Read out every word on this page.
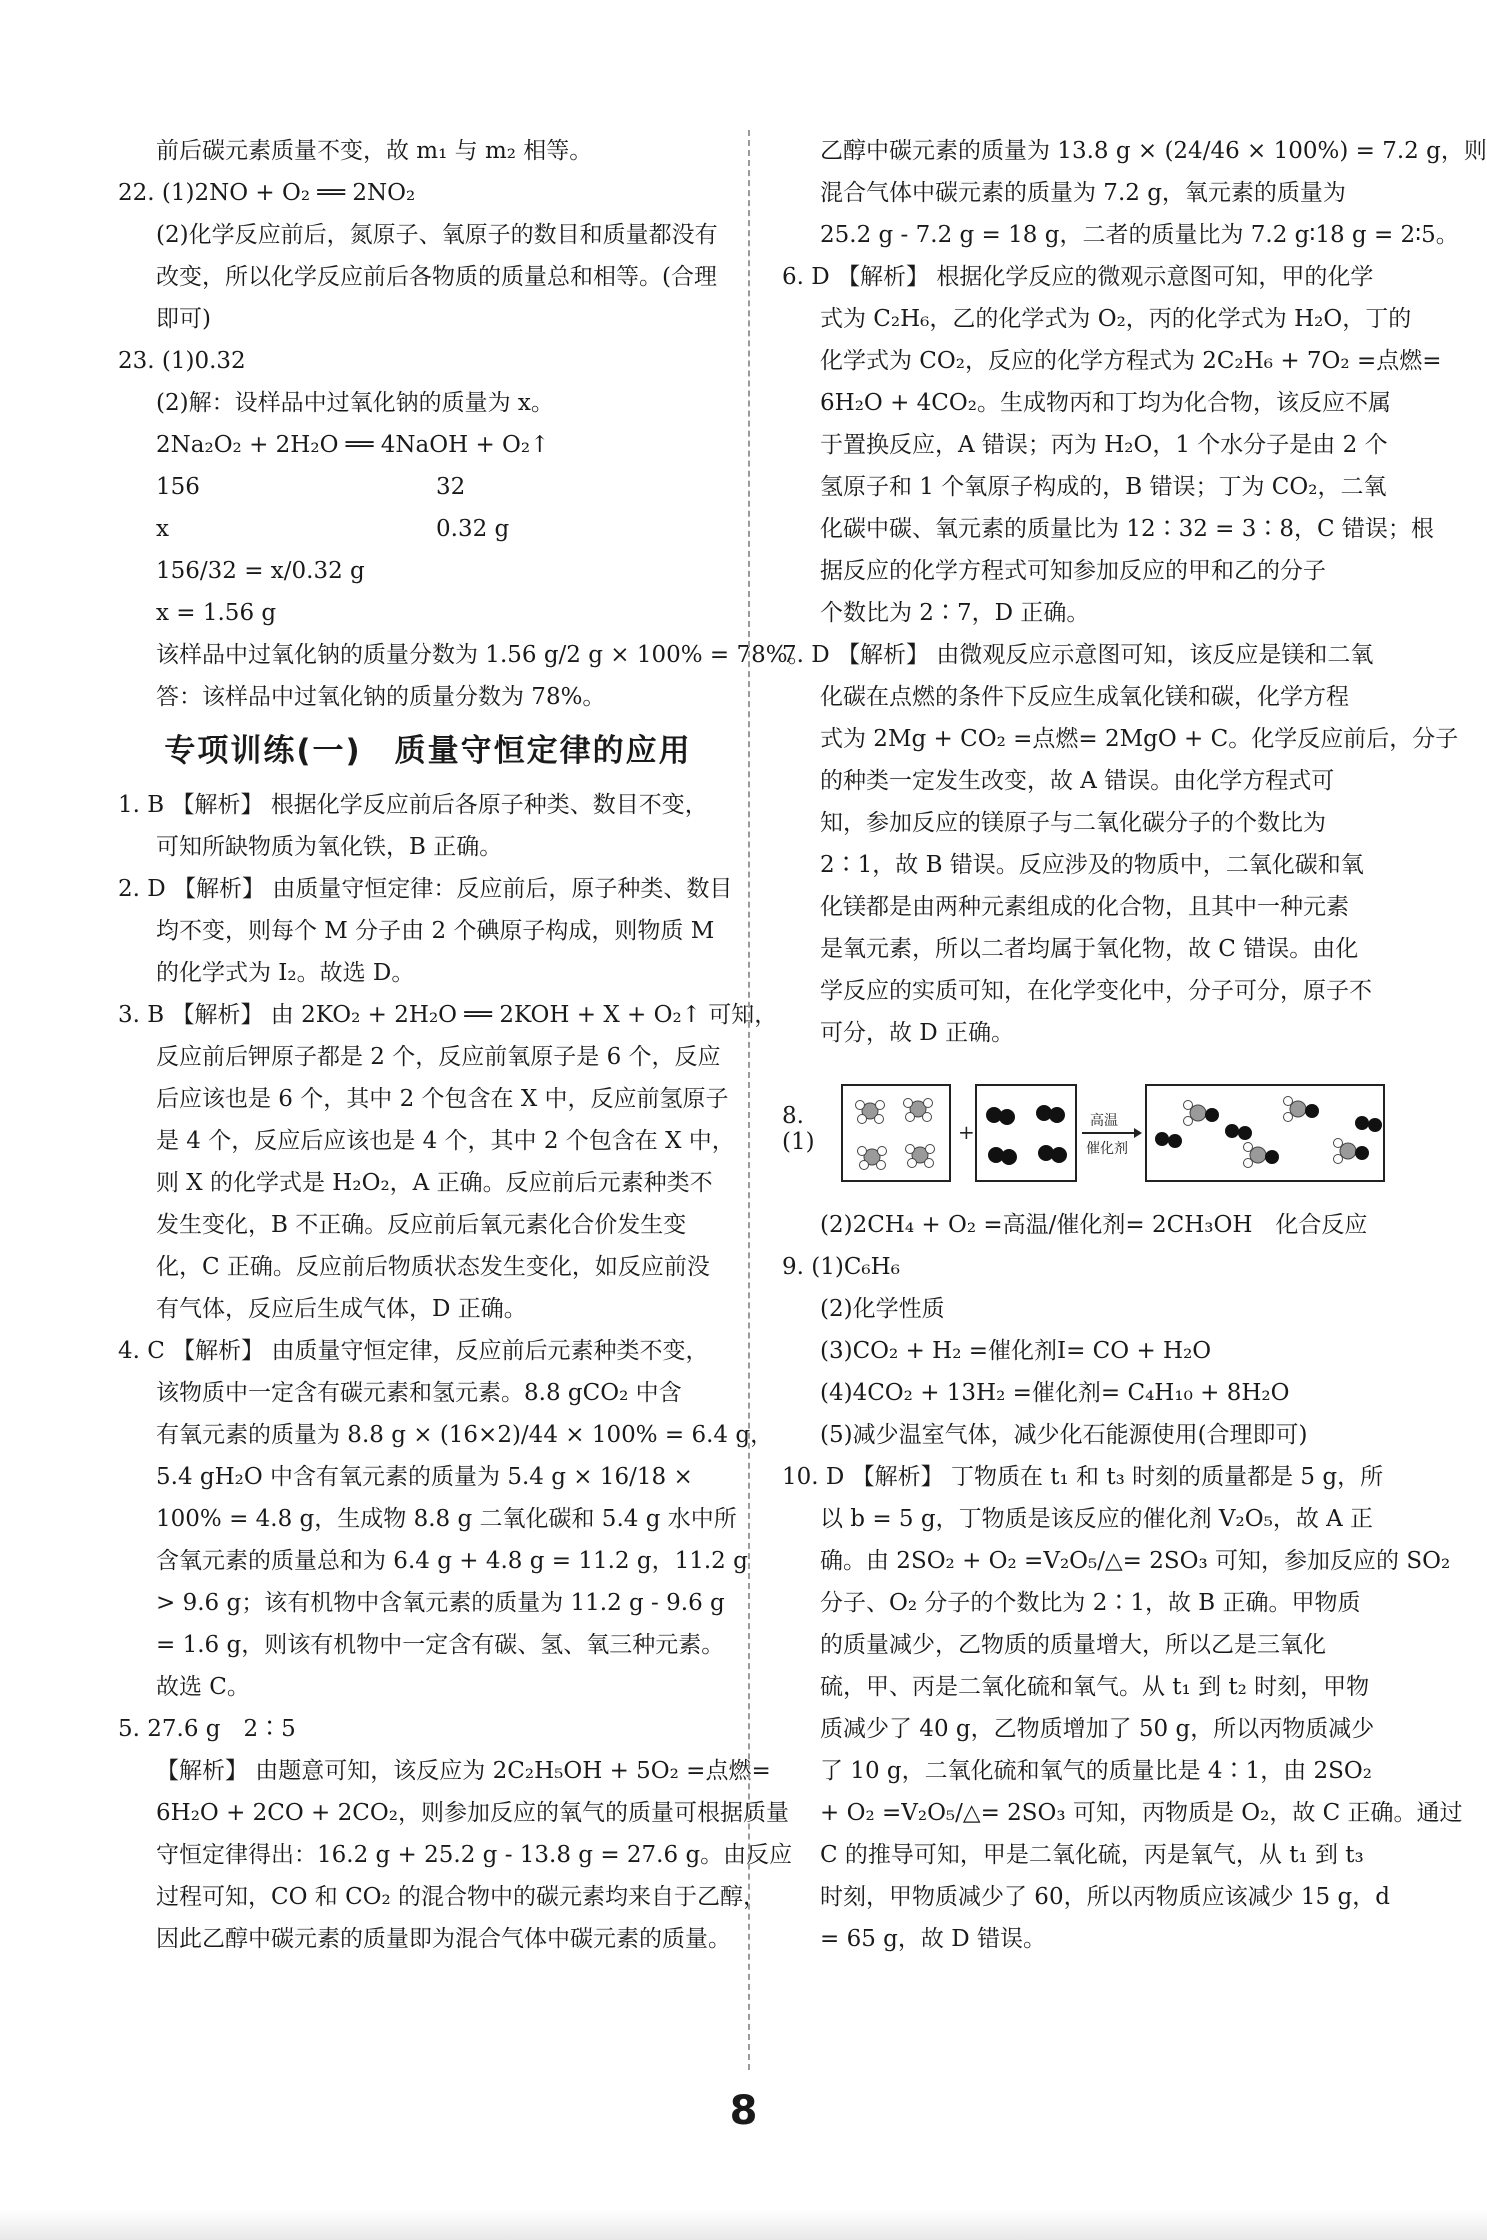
前后碳元素质量不变，故 m₁ 与 m₂ 相等。
22. (1)2NO + O₂ ══ 2NO₂
(2)化学反应前后，氮原子、氧原子的数目和质量都没有
改变，所以化学反应前后各物质的质量总和相等。(合理
即可)
23. (1)0.32
(2)解：设样品中过氧化钠的质量为 x。
2Na₂O₂ + 2H₂O ══ 4NaOH + O₂↑
156	32
x	0.32 g
156/32 = x/0.32 g
x = 1.56 g
该样品中过氧化钠的质量分数为 1.56 g/2 g × 100% = 78%。
答：该样品中过氧化钠的质量分数为 78%。
专项训练(一)　质量守恒定律的应用
1. B 【解析】 根据化学反应前后各原子种类、数目不变，
可知所缺物质为氧化铁，B 正确。
2. D 【解析】 由质量守恒定律：反应前后，原子种类、数目
均不变，则每个 M 分子由 2 个碘原子构成，则物质 M
的化学式为 I₂。故选 D。
3. B 【解析】 由 2KO₂ + 2H₂O ══ 2KOH + X + O₂↑ 可知，
反应前后钾原子都是 2 个，反应前氧原子是 6 个，反应
后应该也是 6 个，其中 2 个包含在 X 中，反应前氢原子
是 4 个，反应后应该也是 4 个，其中 2 个包含在 X 中，
则 X 的化学式是 H₂O₂，A 正确。反应前后元素种类不
发生变化，B 不正确。反应前后氧元素化合价发生变
化，C 正确。反应前后物质状态发生变化，如反应前没
有气体，反应后生成气体，D 正确。
4. C 【解析】 由质量守恒定律，反应前后元素种类不变，
该物质中一定含有碳元素和氢元素。8.8 gCO₂ 中含
有氧元素的质量为 8.8 g × (16×2)/44 × 100% = 6.4 g，
5.4 gH₂O 中含有氧元素的质量为 5.4 g × 16/18 ×
100% = 4.8 g，生成物 8.8 g 二氧化碳和 5.4 g 水中所
含氧元素的质量总和为 6.4 g + 4.8 g = 11.2 g，11.2 g
> 9.6 g；该有机物中含氧元素的质量为 11.2 g - 9.6 g
= 1.6 g，则该有机物中一定含有碳、氢、氧三种元素。
故选 C。
5. 27.6 g　2∶5
【解析】 由题意可知，该反应为 2C₂H₅OH + 5O₂ =点燃=
6H₂O + 2CO + 2CO₂，则参加反应的氧气的质量可根据质量
守恒定律得出：16.2 g + 25.2 g - 13.8 g = 27.6 g。由反应
过程可知，CO 和 CO₂ 的混合物中的碳元素均来自于乙醇，
因此乙醇中碳元素的质量即为混合气体中碳元素的质量。
乙醇中碳元素的质量为 13.8 g × (24/46 × 100%) = 7.2 g，则
混合气体中碳元素的质量为 7.2 g，氧元素的质量为
25.2 g - 7.2 g = 18 g，二者的质量比为 7.2 g∶18 g = 2∶5。
6. D 【解析】 根据化学反应的微观示意图可知，甲的化学
式为 C₂H₆，乙的化学式为 O₂，丙的化学式为 H₂O，丁的
化学式为 CO₂，反应的化学方程式为 2C₂H₆ + 7O₂ =点燃=
6H₂O + 4CO₂。生成物丙和丁均为化合物，该反应不属
于置换反应，A 错误；丙为 H₂O，1 个水分子是由 2 个
氢原子和 1 个氧原子构成的，B 错误；丁为 CO₂，二氧
化碳中碳、氧元素的质量比为 12∶32 = 3∶8，C 错误；根
据反应的化学方程式可知参加反应的甲和乙的分子
个数比为 2∶7，D 正确。
7. D 【解析】 由微观反应示意图可知，该反应是镁和二氧
化碳在点燃的条件下反应生成氧化镁和碳，化学方程
式为 2Mg + CO₂ =点燃= 2MgO + C。化学反应前后，分子
的种类一定发生改变，故 A 错误。由化学方程式可
知，参加反应的镁原子与二氧化碳分子的个数比为
2∶1，故 B 错误。反应涉及的物质中，二氧化碳和氧
化镁都是由两种元素组成的化合物，且其中一种元素
是氧元素，所以二者均属于氧化物，故 C 错误。由化
学反应的实质可知，在化学变化中，分子可分，原子不
可分，故 D 正确。
8. (1)	+	高温
催化剂
(2)2CH₄ + O₂ =高温/催化剂= 2CH₃OH　化合反应
9. (1)C₆H₆
(2)化学性质
(3)CO₂ + H₂ =催化剂Ⅰ= CO + H₂O
(4)4CO₂ + 13H₂ =催化剂= C₄H₁₀ + 8H₂O
(5)减少温室气体，减少化石能源使用(合理即可)
10. D 【解析】 丁物质在 t₁ 和 t₃ 时刻的质量都是 5 g，所
以 b = 5 g，丁物质是该反应的催化剂 V₂O₅，故 A 正
确。由 2SO₂ + O₂ =V₂O₅/△= 2SO₃ 可知，参加反应的 SO₂
分子、O₂ 分子的个数比为 2∶1，故 B 正确。甲物质
的质量减少，乙物质的质量增大，所以乙是三氧化
硫，甲、丙是二氧化硫和氧气。从 t₁ 到 t₂ 时刻，甲物
质减少了 40 g，乙物质增加了 50 g，所以丙物质减少
了 10 g，二氧化硫和氧气的质量比是 4∶1，由 2SO₂
+ O₂ =V₂O₅/△= 2SO₃ 可知，丙物质是 O₂，故 C 正确。通过
C 的推导可知，甲是二氧化硫，丙是氧气，从 t₁ 到 t₃
时刻，甲物质减少了 60，所以丙物质应该减少 15 g，d
= 65 g，故 D 错误。
8
